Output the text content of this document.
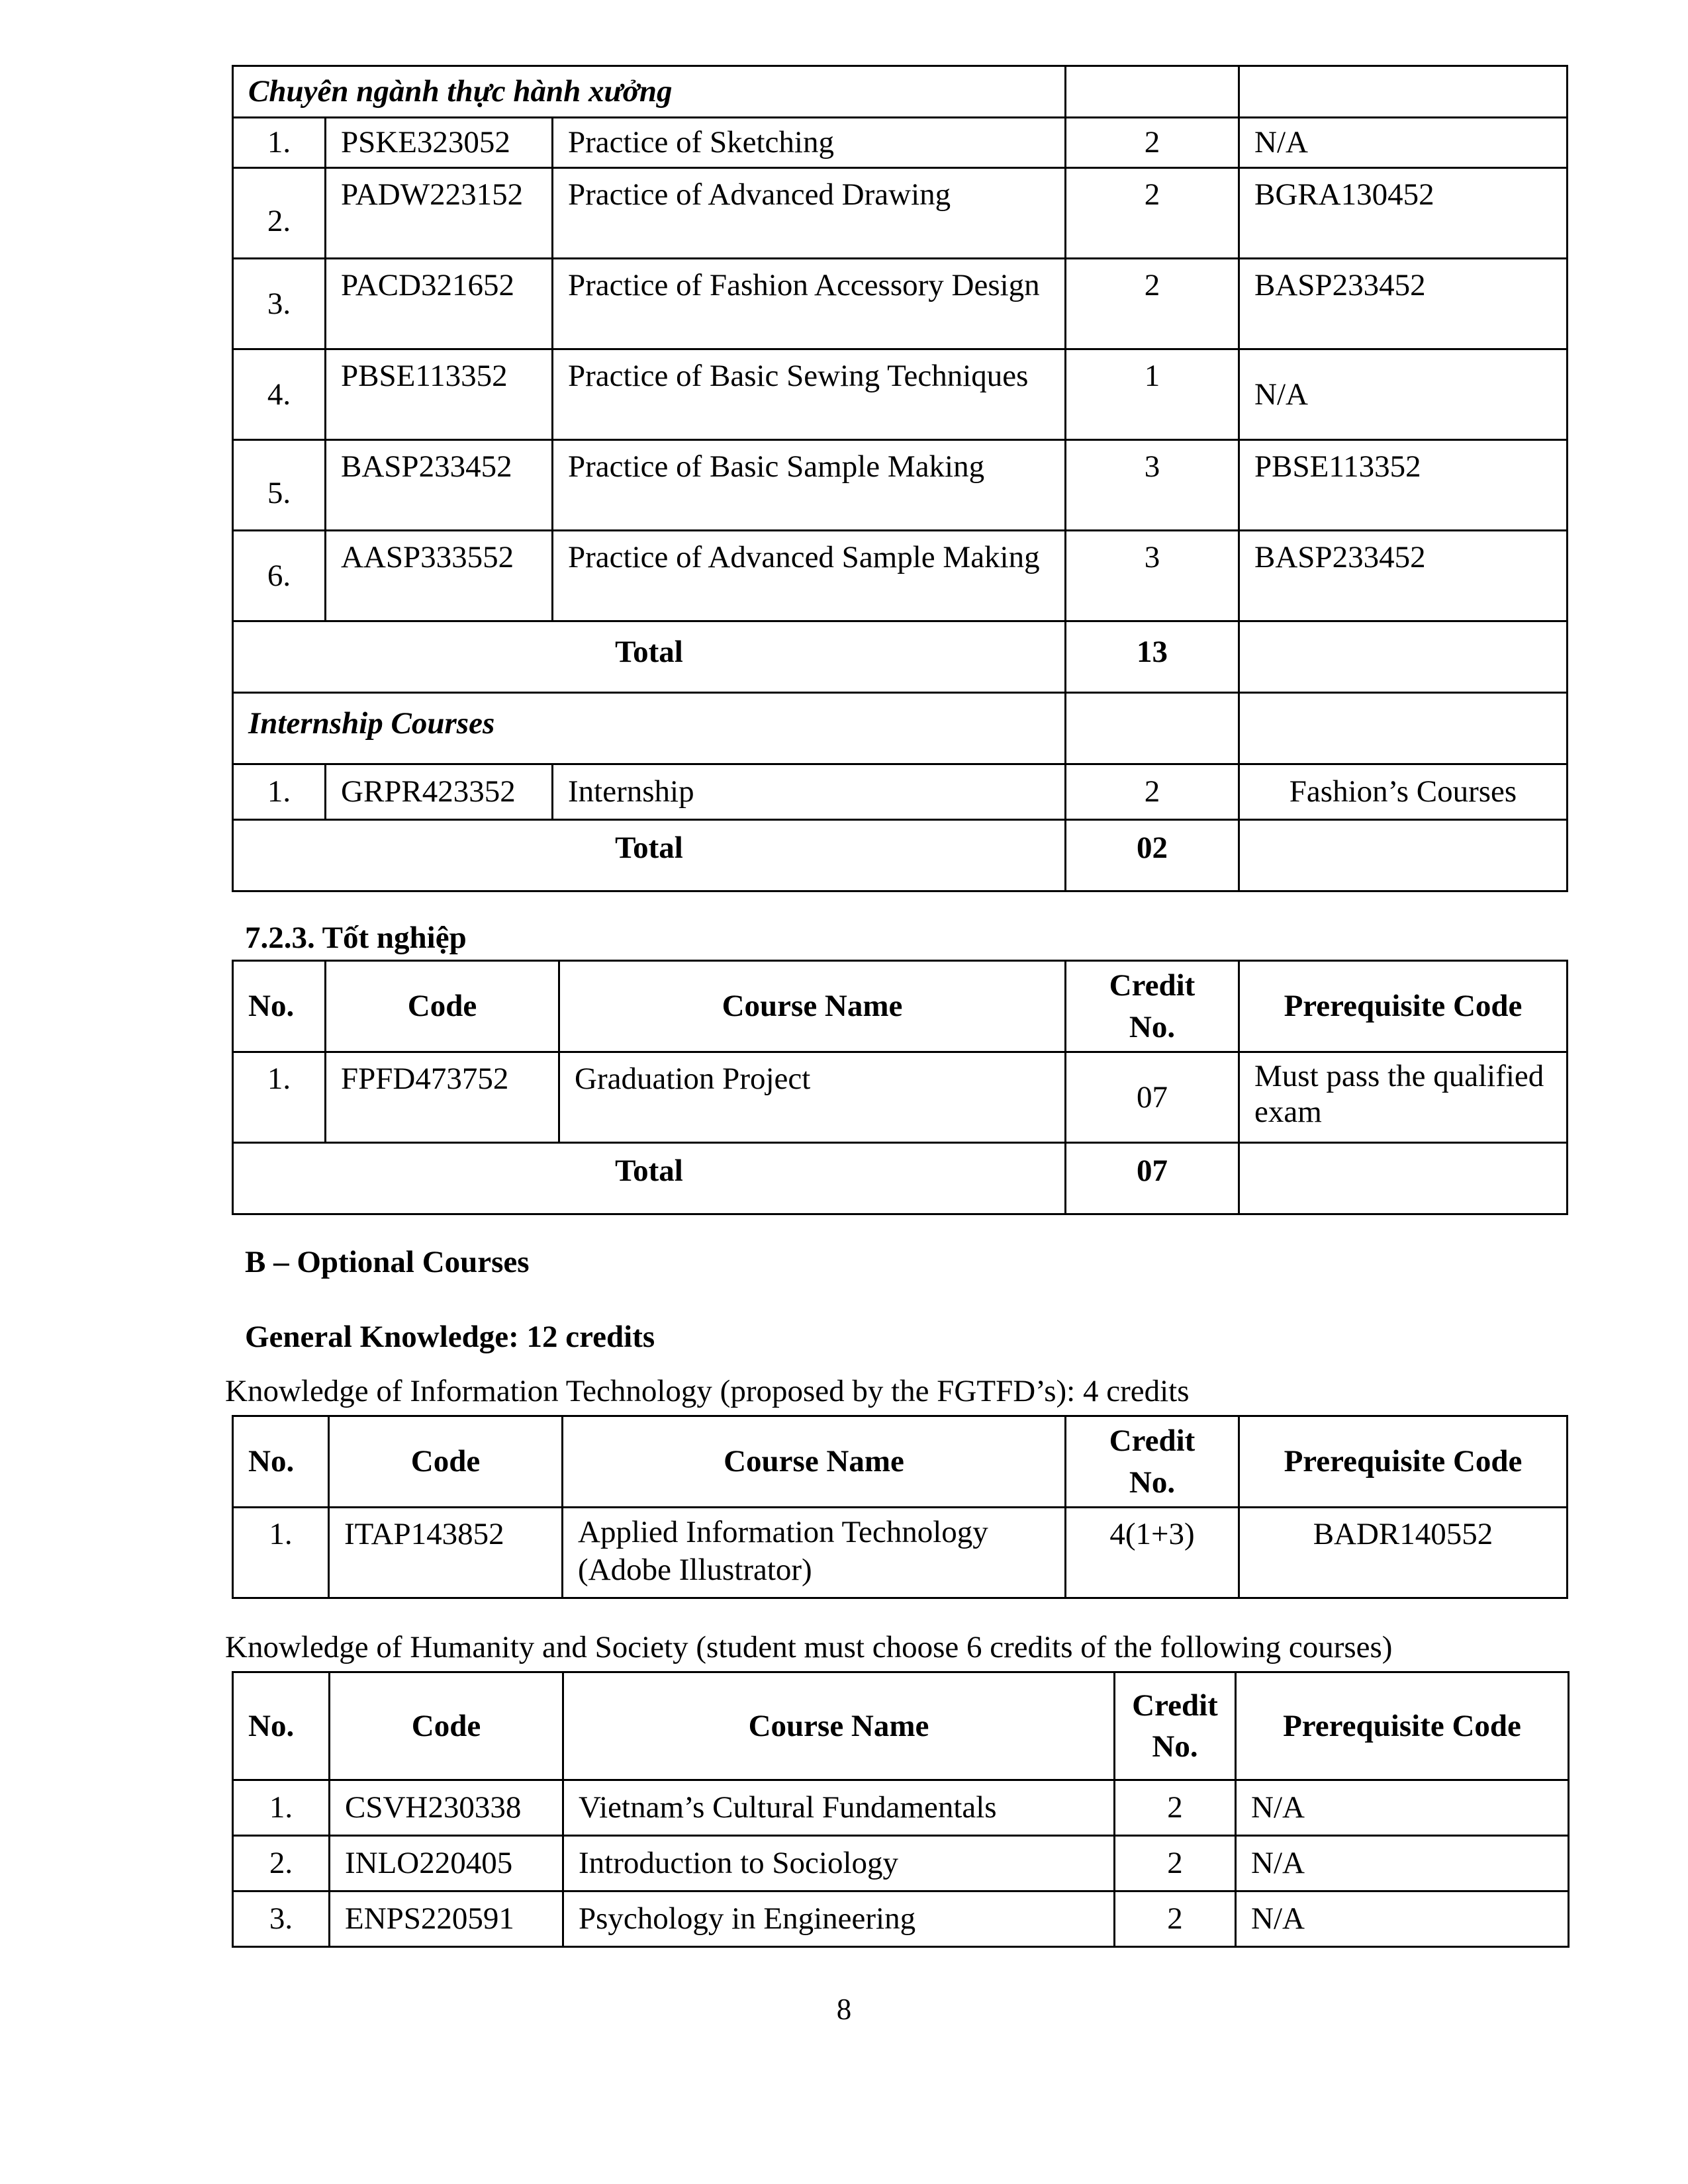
Chuyên ngành thực hành xưởng				
1.	PSKE323052	Practice of Sketching	2	N/A
2.	PADW223152	Practice of Advanced Drawing	2	BGRA130452
3.	PACD321652	Practice of Fashion Accessory Design	2	BASP233452
4.	PBSE113352	Practice of Basic Sewing Techniques	1	N/A
5.	BASP233452	Practice of Basic Sample Making	3	PBSE113352
6.	AASP333552	Practice of Advanced Sample Making	3	BASP233452
Total			13	
Internship Courses				
1.	GRPR423352	Internship	2	Fashion’s Courses
Total			02	
7.2.3. Tốt nghiệp
No.	Code	Course Name	Credit No.	Prerequisite Code
1.	FPFD473752	Graduation Project	07	Must pass the qualified exam
Total			07	
B – Optional Courses
General Knowledge: 12 credits
Knowledge of Information Technology (proposed by the FGTFD’s): 4 credits
No.	Code	Course Name	Credit No.	Prerequisite Code
1.	ITAP143852	Applied Information Technology (Adobe Illustrator)	4(1+3)	BADR140552
Knowledge of Humanity and Society (student must choose 6 credits of the following courses)
No.	Code	Course Name	Credit No.	Prerequisite Code
1.	CSVH230338	Vietnam’s Cultural Fundamentals	2	N/A
2.	INLO220405	Introduction to Sociology	2	N/A
3.	ENPS220591	Psychology in Engineering	2	N/A
8
